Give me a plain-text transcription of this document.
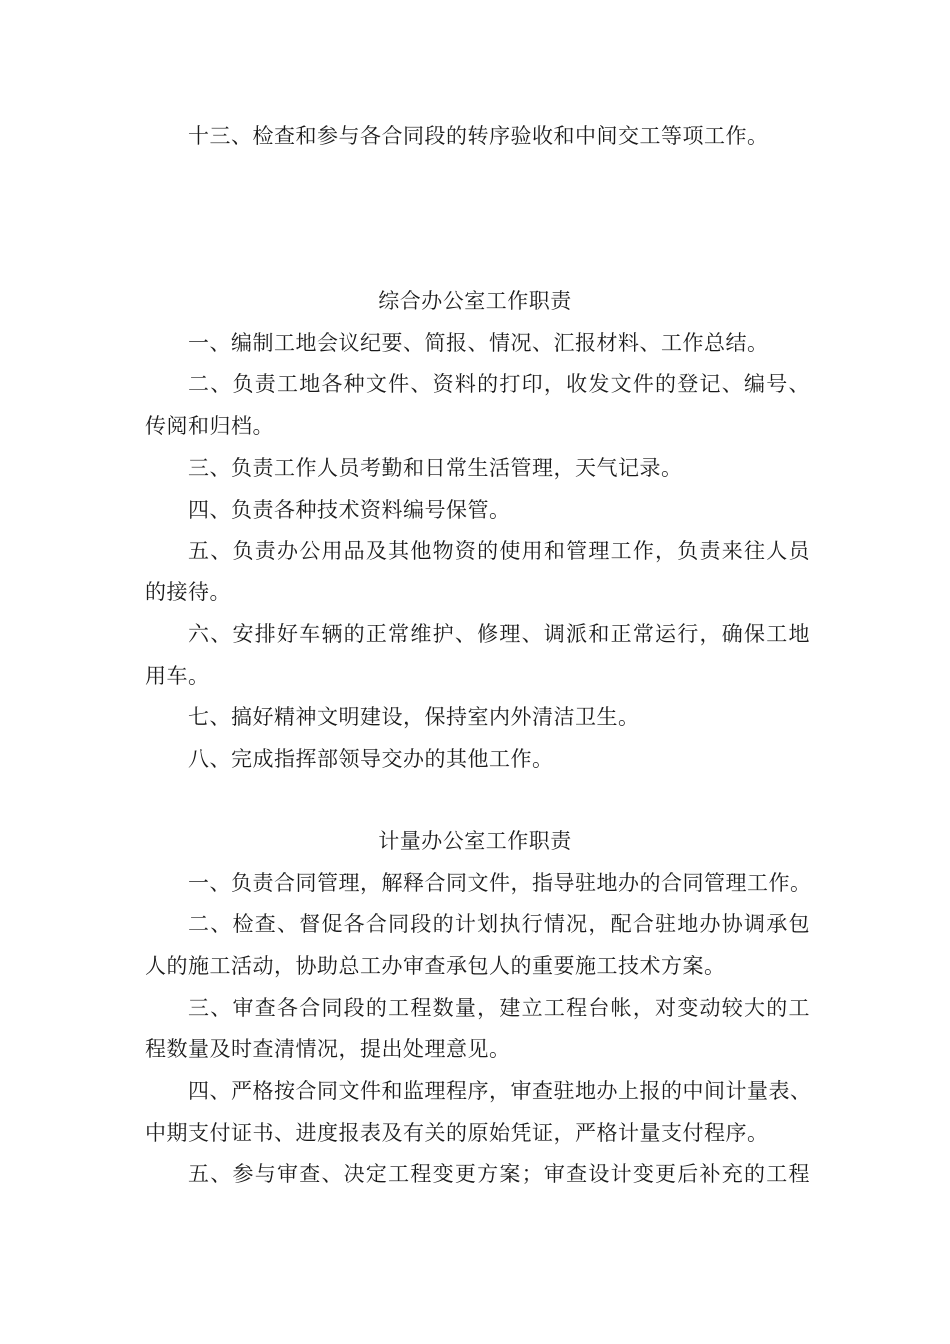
十三、检查和参与各合同段的转序验收和中间交工等项工作。
综合办公室工作职责
一、编制工地会议纪要、简报、情况、汇报材料、工作总结。
二、负责工地各种文件、资料的打印，收发文件的登记、编号、
传阅和归档。
三、负责工作人员考勤和日常生活管理，天气记录。
四、负责各种技术资料编号保管。
五、负责办公用品及其他物资的使用和管理工作，负责来往人员
的接待。
六、安排好车辆的正常维护、修理、调派和正常运行，确保工地
用车。
七、搞好精神文明建设，保持室内外清洁卫生。
八、完成指挥部领导交办的其他工作。
计量办公室工作职责
一、负责合同管理，解释合同文件，指导驻地办的合同管理工作。
二、检查、督促各合同段的计划执行情况，配合驻地办协调承包
人的施工活动，协助总工办审查承包人的重要施工技术方案。
三、审查各合同段的工程数量，建立工程台帐，对变动较大的工
程数量及时查清情况，提出处理意见。
四、严格按合同文件和监理程序，审查驻地办上报的中间计量表、
中期支付证书、进度报表及有关的原始凭证，严格计量支付程序。
五、参与审查、决定工程变更方案；审查设计变更后补充的工程
